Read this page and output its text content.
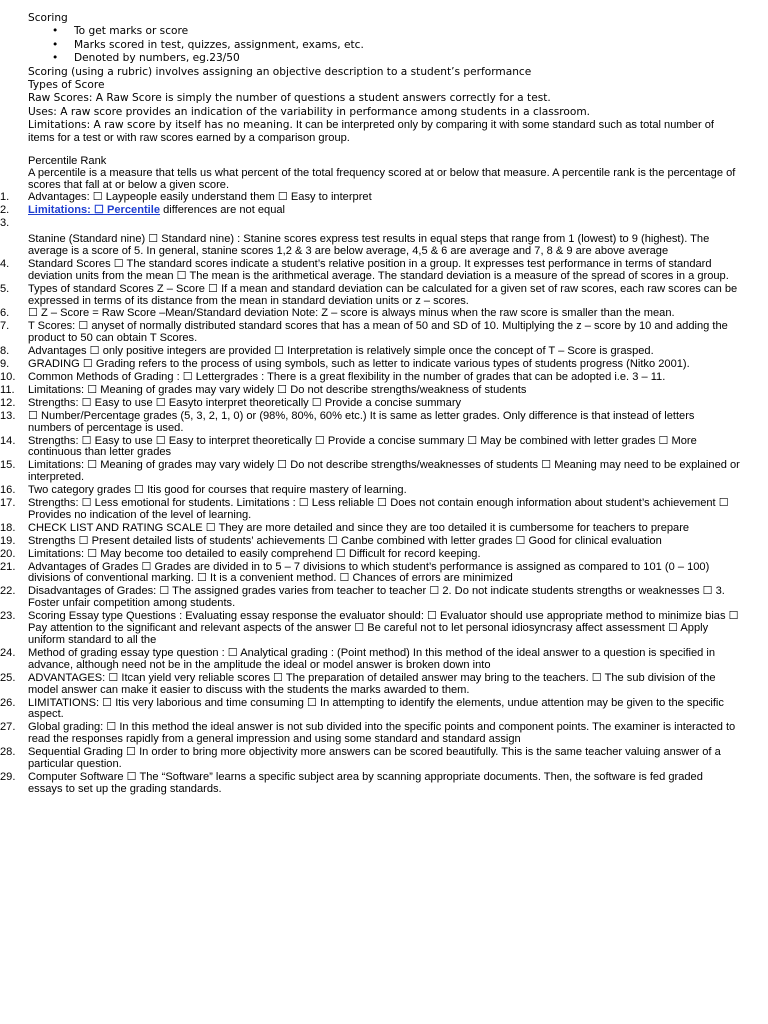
Scoring

• To get marks or score
• Marks scored in test, quizzes, assignment, exams, etc.
• Denoted by numbers, eg.23/50

Scoring (using a rubric) involves assigning an objective description to a student’s performance

Types of Score

Raw Scores: A Raw Score is simply the number of questions a student answers correctly for a test.

Uses: A raw score provides an indication of the variability in performance among students in a classroom.

Limitations: A raw score by itself has no meaning. It can be interpreted only by comparing it with some standard such as total number of items for a test or with raw scores earned by a comparison group.

Percentile Rank

A percentile is a measure that tells us what percent of the total frequency scored at or below that measure. A percentile rank is the percentage of scores that fall at or below a given score.

1.	Advantages: ☐ Laypeople easily understand them ☐ Easy to interpret
2.	Limitations: ☐ Percentile differences are not equal
3.

Stanine (Standard nine) ☐ Standard nine) : Stanine scores express test results in equal steps that range from 1 (lowest) to 9 (highest). The average is a score of 5. In general, stanine scores 1,2 & 3 are below average, 4,5 & 6 are average and 7, 8 & 9 are above average

4.	Standard Scores ☐ The standard scores indicate a student’s relative position in a group. It expresses test performance in terms of standard deviation units from the mean ☐ The mean is the arithmetical average. The standard deviation is a measure of the spread of scores in a group.
5.	Types of standard Scores Z – Score ☐ If a mean and standard deviation can be calculated for a given set of raw scores, each raw scores can be expressed in terms of its distance from the mean in standard deviation units or z – scores.
6.	☐ Z – Score = Raw Score –Mean/Standard deviation Note: Z – score is always minus when the raw score is smaller than the mean.
7.	T Scores: ☐ anyset of normally distributed standard scores that has a mean of 50 and SD of 10. Multiplying the z – score by 10 and adding the product to 50 can obtain T Scores.
8.	Advantages ☐ only positive integers are provided ☐ Interpretation is relatively simple once the concept of T – Score is grasped.
9.	GRADING ☐ Grading refers to the process of using symbols, such as letter to indicate various types of students progress (Nitko 2001).
10.	Common Methods of Grading : ☐ Lettergrades : There is a great flexibility in the number of grades that can be adopted i.e. 3 – 11.
11.	Limitations: ☐ Meaning of grades may vary widely ☐ Do not describe strengths/weakness of students
12.	Strengths: ☐ Easy to use ☐ Easyto interpret theoretically ☐ Provide a concise summary
13.	☐ Number/Percentage grades (5, 3, 2, 1, 0) or (98%, 80%, 60% etc.) It is same as letter grades. Only difference is that instead of letters numbers of percentage is used.
14.	Strengths: ☐ Easy to use ☐ Easy to interpret theoretically ☐ Provide a concise summary ☐ May be combined with letter grades ☐ More continuous than letter grades
15.	Limitations: ☐ Meaning of grades may vary widely ☐ Do not describe strengths/weaknesses of students ☐ Meaning may need to be explained or interpreted.
16.	Two category grades ☐ Itis good for courses that require mastery of learning.
17.	Strengths: ☐ Less emotional for students. Limitations : ☐ Less reliable ☐ Does not contain enough information about student’s achievement ☐ Provides no indication of the level of learning.
18.	CHECK LIST AND RATING SCALE ☐ They are more detailed and since they are too detailed it is cumbersome for teachers to prepare
19.	Strengths ☐ Present detailed lists of students’ achievements ☐ Canbe combined with letter grades ☐ Good for clinical evaluation
20.	Limitations: ☐ May become too detailed to easily comprehend ☐ Difficult for record keeping.
21.	Advantages of Grades ☐ Grades are divided in to 5 – 7 divisions to which student’s performance is assigned as compared to 101 (0 – 100) divisions of conventional marking. ☐ It is a convenient method. ☐ Chances of errors are minimized
22.	Disadvantages of Grades: ☐ The assigned grades varies from teacher to teacher ☐ 2. Do not indicate students strengths or weaknesses ☐ 3. Foster unfair competition among students.
23.	Scoring Essay type Questions : Evaluating essay response the evaluator should: ☐ Evaluator should use appropriate method to minimize bias ☐ Pay attention to the significant and relevant aspects of the answer ☐ Be careful not to let personal idiosyncrasy affect assessment ☐ Apply uniform standard to all the
24.	Method of grading essay type question : ☐ Analytical grading : (Point method) In this method of the ideal answer to a question is specified in advance, although need not be in the amplitude the ideal or model answer is broken down into
25.	ADVANTAGES: ☐ Itcan yield very reliable scores ☐ The preparation of detailed answer may bring to the teachers. ☐ The sub division of the model answer can make it easier to discuss with the students the marks awarded to them.
26.	LIMITATIONS: ☐ Itis very laborious and time consuming ☐ In attempting to identify the elements, undue attention may be given to the specific aspect.
27.	Global grading: ☐ In this method the ideal answer is not sub divided into the specific points and component points. The examiner is interacted to read the responses rapidly from a general impression and using some standard and standard assign
28.	Sequential Grading ☐ In order to bring more objectivity more answers can be scored beautifully. This is the same teacher valuing answer of a particular question.
29.	Computer Software ☐ The “Software” learns a specific subject area by scanning appropriate documents. Then, the software is fed graded essays to set up the grading standards.
